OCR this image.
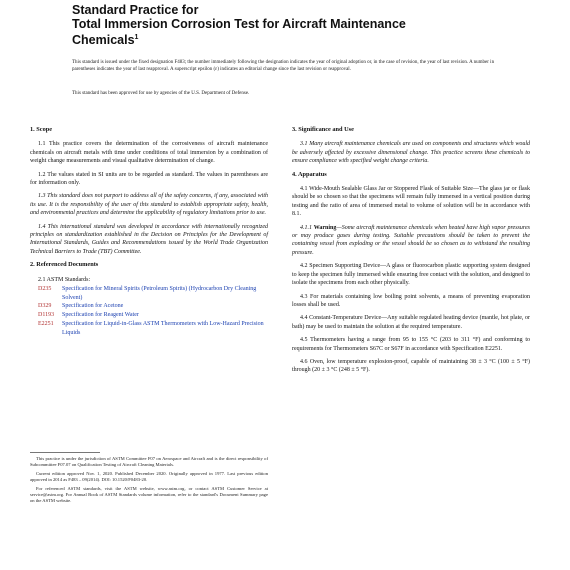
Standard Practice for
Total Immersion Corrosion Test for Aircraft Maintenance
Chemicals$^1$
This standard is issued under the fixed designation F483; the number immediately following the designation indicates the year of original adoption or, in the case of revision, the year of last revision. A number in parentheses indicates the year of last reapproval. A superscript epsilon (ε) indicates an editorial change since the last revision or reapproval.
This standard has been approved for use by agencies of the U.S. Department of Defense.
1. Scope
1.1 This practice covers the determination of the corrosiveness of aircraft maintenance chemicals on aircraft metals with time under conditions of total immersion by a combination of weight change measurements and visual qualitative determination of change.
1.2 The values stated in SI units are to be regarded as standard. The values in parentheses are for information only.
1.3 This standard does not purport to address all of the safety concerns, if any, associated with its use. It is the responsibility of the user of this standard to establish appropriate safety, health, and environmental practices and determine the applicability of regulatory limitations prior to use.
1.4 This international standard was developed in accordance with internationally recognized principles on standardization established in the Decision on Principles for the Development of International Standards, Guides and Recommendations issued by the World Trade Organization Technical Barriers to Trade (TBT) Committee.
2. Referenced Documents
2.1 ASTM Standards:
D235	Specification for Mineral Spirits (Petroleum Spirits) (Hydrocarbon Dry Cleaning Solvent)
D329	Specification for Acetone
D1193	Specification for Reagent Water
E2251	Specification for Liquid-in-Glass ASTM Thermometers with Low-Hazard Precision Liquids
This practice is under the jurisdiction of ASTM Committee F07 on Aerospace and Aircraft and is the direct responsibility of Subcommittee F07.07 on Qualification Testing of Aircraft Cleaning Materials.
Current edition approved Nov. 1, 2020. Published December 2020. Originally approved in 1977. Last previous edition approved in 2014 as F483 – 09(2014). DOI: 10.1520/F0483-20.
For referenced ASTM standards, visit the ASTM website, www.astm.org, or contact ASTM Customer Service at service@astm.org. For Annual Book of ASTM Standards volume information, refer to the standard's Document Summary page on the ASTM website.
3. Significance and Use
3.1 Many aircraft maintenance chemicals are used on components and structures which would be adversely affected by excessive dimensional change. This practice screens these chemicals to ensure compliance with specified weight change criteria.
4. Apparatus
4.1 Wide-Mouth Sealable Glass Jar or Stoppered Flask of Suitable Size—The glass jar or flask should be so chosen so that the specimens will remain fully immersed in a vertical position during testing and the ratio of area of immersed metal to volume of solution will be in accordance with 8.1.
4.1.1 Warning—Some aircraft maintenance chemicals when heated have high vapor pressures or may produce gases during testing. Suitable precautions should be taken to prevent the containing vessel from exploding or the vessel should be so chosen as to withstand the resulting pressure.
4.2 Specimen Supporting Device—A glass or fluorocarbon plastic supporting system designed to keep the specimen fully immersed while ensuring free contact with the solution, and designed to isolate the specimens from each other physically.
4.3 For materials containing low boiling point solvents, a means of preventing evaporation losses shall be used.
4.4 Constant-Temperature Device—Any suitable regulated heating device (mantle, hot plate, or bath) may be used to maintain the solution at the required temperature.
4.5 Thermometers having a range from 95 to 155 °C (203 to 311 °F) and conforming to requirements for Thermometers S67C or S67F in accordance with Specification E2251.
4.6 Oven, low temperature explosion-proof, capable of maintaining 38 ± 3 °C (100 ± 5 °F) through (20 ± 3 °C (248 ± 5 °F).
